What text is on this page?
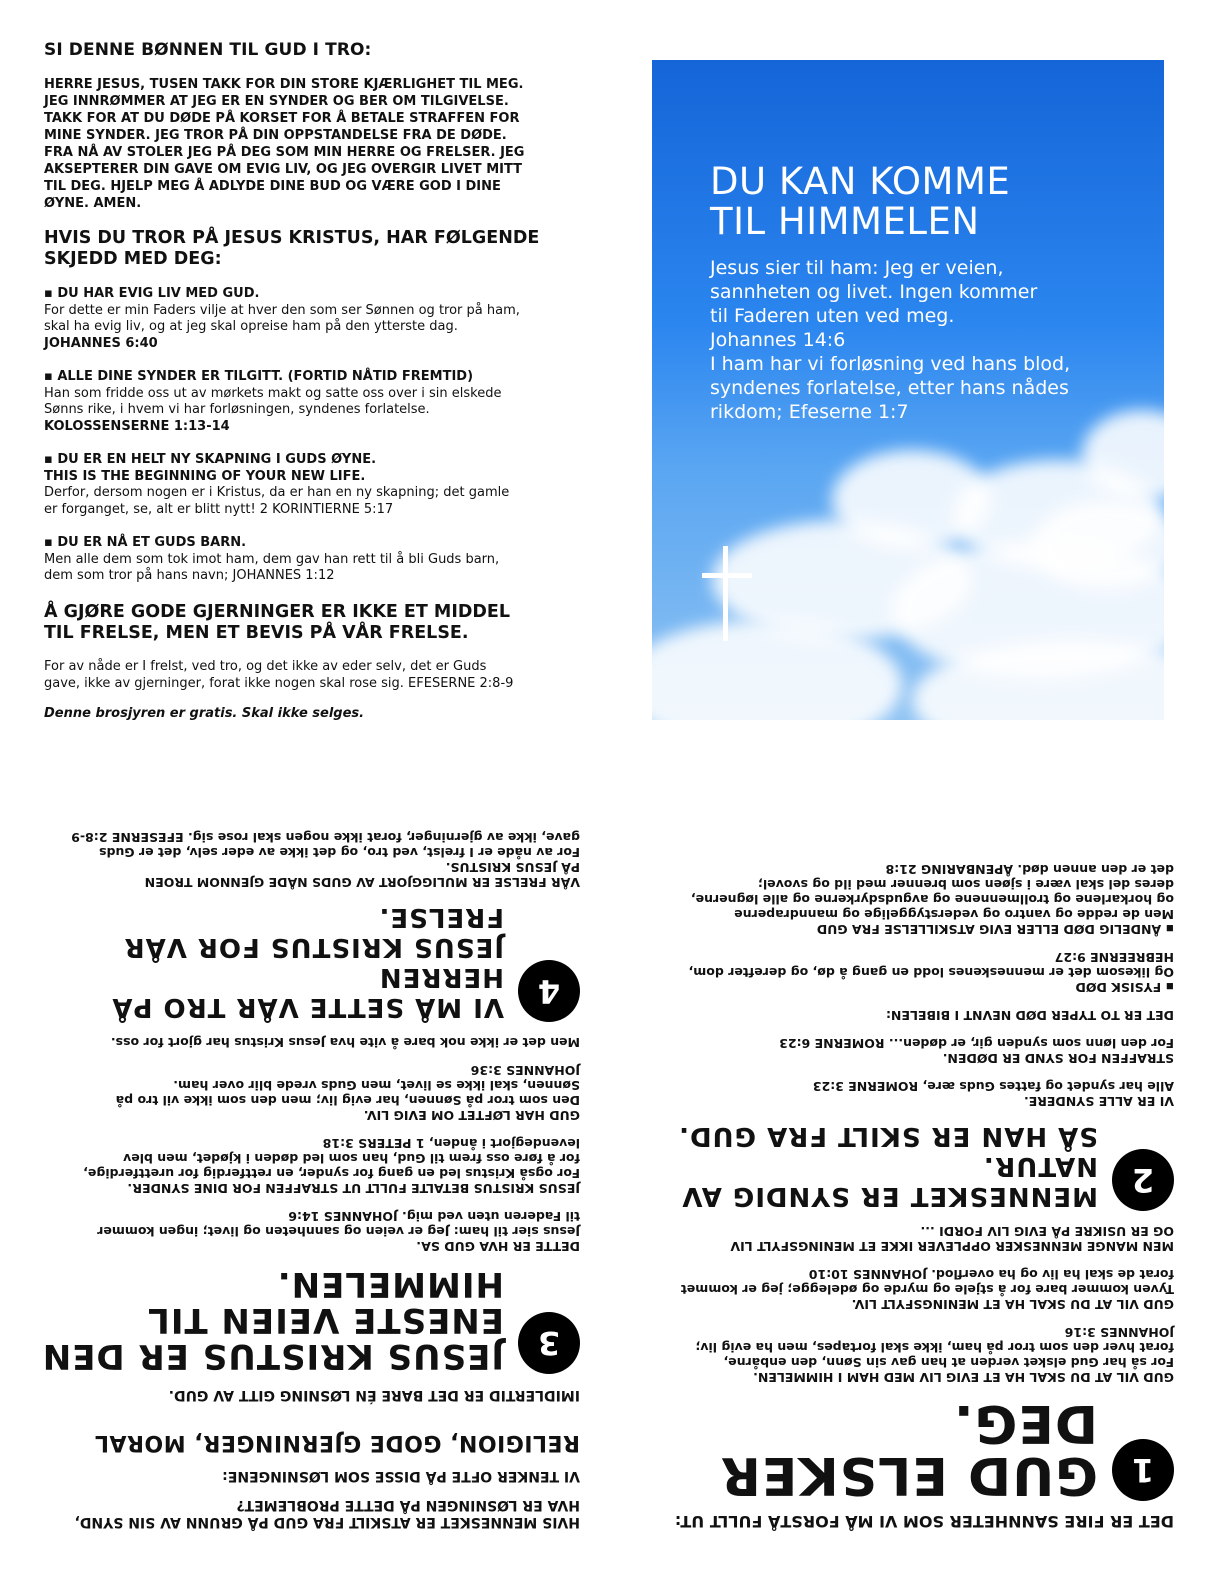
SI DENNE BØNNEN TIL GUD I TRO:
HERRE JESUS, TUSEN TAKK FOR DIN STORE KJÆRLIGHET TIL MEG.
JEG INNRØMMER AT JEG ER EN SYNDER OG BER OM TILGIVELSE.
TAKK FOR AT DU DØDE PÅ KORSET FOR Å BETALE STRAFFEN FOR
MINE SYNDER. JEG TROR PÅ DIN OPPSTANDELSE FRA DE DØDE.
FRA NÅ AV STOLER JEG PÅ DEG SOM MIN HERRE OG FRELSER. JEG
AKSEPTERER DIN GAVE OM EVIG LIV, OG JEG OVERGIR LIVET MITT
TIL DEG. HJELP MEG Å ADLYDE DINE BUD OG VÆRE GOD I DINE
ØYNE. AMEN.
HVIS DU TROR PÅ JESUS KRISTUS, HAR FØLGENDE
SKJEDD MED DEG:
▪ DU HAR EVIG LIV MED GUD.
For dette er min Faders vilje at hver den som ser Sønnen og tror på ham,
skal ha evig liv, og at jeg skal opreise ham på den ytterste dag.
JOHANNES 6:40
▪ ALLE DINE SYNDER ER TILGITT. (FORTID NÅTID FREMTID)
Han som fridde oss ut av mørkets makt og satte oss over i sin elskede
Sønns rike, i hvem vi har forløsningen, syndenes forlatelse.
KOLOSSENSERNE 1:13-14
▪ DU ER EN HELT NY SKAPNING I GUDS ØYNE.
THIS IS THE BEGINNING OF YOUR NEW LIFE.
Derfor, dersom nogen er i Kristus, da er han en ny skapning; det gamle
er forganget, se, alt er blitt nytt! 2 KORINTIERNE 5:17
▪ DU ER NÅ ET GUDS BARN.
Men alle dem som tok imot ham, dem gav han rett til å bli Guds barn,
dem som tror på hans navn; JOHANNES 1:12
Å GJØRE GODE GJERNINGER ER IKKE ET MIDDEL
TIL FRELSE, MEN ET BEVIS PÅ VÅR FRELSE.
For av nåde er I frelst, ved tro, og det ikke av eder selv, det er Guds
gave, ikke av gjerninger, forat ikke nogen skal rose sig. EFESERNE 2:8-9
Denne brosjyren er gratis. Skal ikke selges.
DU KAN KOMME
TIL HIMMELEN
Jesus sier til ham: Jeg er veien,
sannheten og livet. Ingen kommer
til Faderen uten ved meg.
Johannes 14:6
I ham har vi forløsning ved hans blod,
syndenes forlatelse, etter hans nådes
rikdom; Efeserne 1:7
HVIS MENNESKET ER ATSKILT FRA GUD PÅ GRUNN AV SIN SYND,
HVA ER LØSNINGEN PÅ DETTE PROBLEMET?
VI TENKER OFTE PÅ DISSE SOM LØSNINGENE:
RELIGION, GODE GJERNINGER, MORAL
IMIDLERTID ER DET BARE ÉN LØSNING GITT AV GUD.
3
JESUS KRISTUS ER DEN
ENESTE VEIEN TIL
HIMMELEN.

DETTE ER HVA GUD SA.
Jesus sier til ham: Jeg er veien og sannheten og livet; ingen kommer
til Faderen uten ved mig. JOHANNES 14:6

JESUS KRISTUS BETALTE FULLT UT STRAFFEN FOR DINE SYNDER.
For også Kristus led en gang for synder, en rettferdig for urettferdige,
for å føre oss frem til Gud, han som led døden i kjødet, men blev
levendegjort i ånden, 1 PETERS 3:18

GUD HAR LØFTET OM EVIG LIV.
Den som tror på Sønnen, har evig liv; men den som ikke vil tro på
Sønnen, skal ikke se livet, men Guds vrede blir over ham.
JOHANNES 3:36

Men det er ikke nok bare å vite hva Jesus Kristus har gjort for oss.

4
VI MÅ SETTE VÅR TRO PÅ HERREN
JESUS KRISTUS FOR VÅR FRELSE.

VÅR FRELSE ER MULIGGJORT AV GUDS NÅDE GJENNOM TROEN
PÅ JESUS KRISTUS.
For av nåde er I frelst, ved tro, og det ikke av eder selv, det er Guds
gave, ikke av gjerninger, forat ikke nogen skal rose sig. EFESERNE 2:8-9

DET ER FIRE SANNHETER SOM VI MÅ FORSTÅ FULLT UT:
1
GUD ELSKER DEG.

GUD VIL AT DU SKAL HA ET EVIG LIV MED HAM I HIMMELEN.
For så har Gud elsket verden at han gav sin Sønn, den enbårne,
forat hver den som tror på ham, ikke skal fortapes, men ha evig liv;
JOHANNES 3:16

GUD VIL AT DU SKAL HA ET MENINGSFYLT LIV.
Tyven kommer bare for å stjele og myrde og ødelegge; jeg er kommet
forat de skal ha liv og ha overflod. JOHANNES 10:10

MEN MANGE MENNESKER OPPLEVER IKKE ET MENINGSFYLT LIV
OG ER USIKRE PÅ EVIG LIV FORDI ...

2
MENNESKET ER SYNDIG AV NATUR.
SÅ HAN ER SKILT FRA GUD.

VI ER ALLE SYNDERE.
Alle har syndet og fattes Guds ære, ROMERNE 3:23

STRAFFEN FOR SYND ER DØDEN.
For den lønn som synden gir, er døden... ROMERNE 6:23

DET ER TO TYPER DØD NEVNT I BIBELEN:

▪ FYSISK DØD
Og likesom det er menneskenes lodd en gang å dø, og derefter dom,
HEBREERNE 9:27

▪ ÅNDELIG DØD ELLER EVIG ATSKILLELSE FRA GUD
Men de redde og vantro og vederstyggelige og manndraperne
og horkarlene og trollmennene og avgudsdyrkerne og alle løgnerne,
deres del skal være i sjøen som brenner med ild og svovel;
det er den annen død. ÅPENBARING 21:8
